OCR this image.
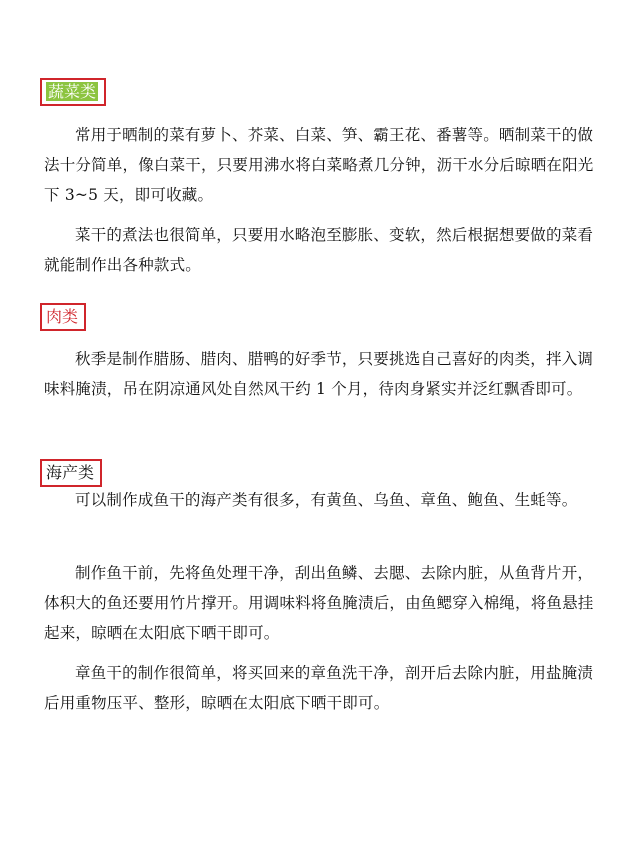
蔬菜类

常用于晒制的菜有萝卜、芥菜、白菜、笋、霸王花、番薯等。晒制菜干的做法十分简单，像白菜干，只要用沸水将白菜略煮几分钟，沥干水分后晾晒在阳光下 3~5 天，即可收藏。

菜干的煮法也很简单，只要用水略泡至膨胀、变软，然后根据想要做的菜看就能制作出各种款式。

肉类

秋季是制作腊肠、腊肉、腊鸭的好季节，只要挑选自己喜好的肉类，拌入调味料腌渍，吊在阴凉通风处自然风干约 1 个月，待肉身紧实并泛红飘香即可。

海产类

可以制作成鱼干的海产类有很多，有黄鱼、乌鱼、章鱼、鲍鱼、生蚝等。

制作鱼干前，先将鱼处理干净，刮出鱼鳞、去腮、去除内脏，从鱼背片开，体积大的鱼还要用竹片撑开。用调味料将鱼腌渍后，由鱼鳃穿入棉绳，将鱼悬挂起来，晾晒在太阳底下晒干即可。

章鱼干的制作很简单，将买回来的章鱼洗干净，剖开后去除内脏，用盐腌渍后用重物压平、整形，晾晒在太阳底下晒干即可。
